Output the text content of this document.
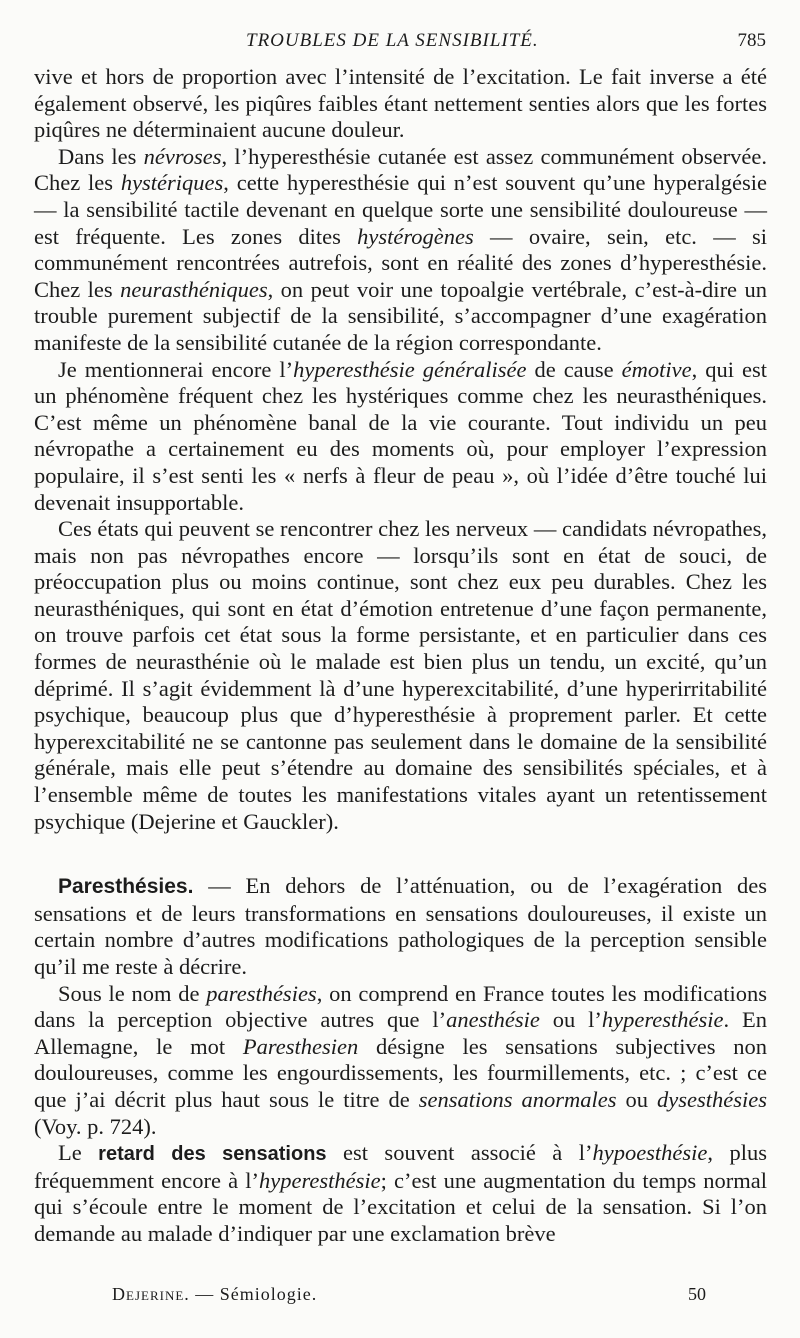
TROUBLES DE LA SENSIBILITÉ.	785

vive et hors de proportion avec l’intensité de l’excitation. Le fait inverse a été également observé, les piqûres faibles étant nettement senties alors que les fortes piqûres ne déterminaient aucune douleur.

Dans les névroses, l’hyperesthésie cutanée est assez communément observée. Chez les hystériques, cette hyperesthésie qui n’est souvent qu’une hyperalgésie — la sensibilité tactile devenant en quelque sorte une sensibilité douloureuse — est fréquente. Les zones dites hystérogènes — ovaire, sein, etc. — si communément rencontrées autrefois, sont en réalité des zones d’hyperesthésie. Chez les neurasthéniques, on peut voir une topoalgie vertébrale, c’est-à-dire un trouble purement subjectif de la sensibilité, s’accompagner d’une exagération manifeste de la sensibilité cutanée de la région correspondante.

Je mentionnerai encore l’hyperesthésie généralisée de cause émotive, qui est un phénomène fréquent chez les hystériques comme chez les neurasthéniques. C’est même un phénomène banal de la vie courante. Tout individu un peu névropathe a certainement eu des moments où, pour employer l’expression populaire, il s’est senti les « nerfs à fleur de peau », où l’idée d’être touché lui devenait insupportable.

Ces états qui peuvent se rencontrer chez les nerveux — candidats névropathes, mais non pas névropathes encore — lorsqu’ils sont en état de souci, de préoccupation plus ou moins continue, sont chez eux peu durables. Chez les neurasthéniques, qui sont en état d’émotion entretenue d’une façon permanente, on trouve parfois cet état sous la forme persistante, et en particulier dans ces formes de neurasthénie où le malade est bien plus un tendu, un excité, qu’un déprimé. Il s’agit évidemment là d’une hyperexcitabilité, d’une hyperirritabilité psychique, beaucoup plus que d’hyperesthésie à proprement parler. Et cette hyperexcitabilité ne se cantonne pas seulement dans le domaine de la sensibilité générale, mais elle peut s’étendre au domaine des sensibilités spéciales, et à l’ensemble même de toutes les manifestations vitales ayant un retentissement psychique (Dejerine et Gauckler).

Paresthésies. — En dehors de l’atténuation, ou de l’exagération des sensations et de leurs transformations en sensations douloureuses, il existe un certain nombre d’autres modifications pathologiques de la perception sensible qu’il me reste à décrire.

Sous le nom de paresthésies, on comprend en France toutes les modifications dans la perception objective autres que l’anesthésie ou l’hyperesthésie. En Allemagne, le mot Paresthesien désigne les sensations subjectives non douloureuses, comme les engourdissements, les fourmillements, etc. ; c’est ce que j’ai décrit plus haut sous le titre de sensations anormales ou dysesthésies (Voy. p. 724).

Le retard des sensations est souvent associé à l’hypoesthésie, plus fréquemment encore à l’hyperesthésie; c’est une augmentation du temps normal qui s’écoule entre le moment de l’excitation et celui de la sensation. Si l’on demande au malade d’indiquer par une exclamation brève

Dejerine. — Sémiologie.	50
